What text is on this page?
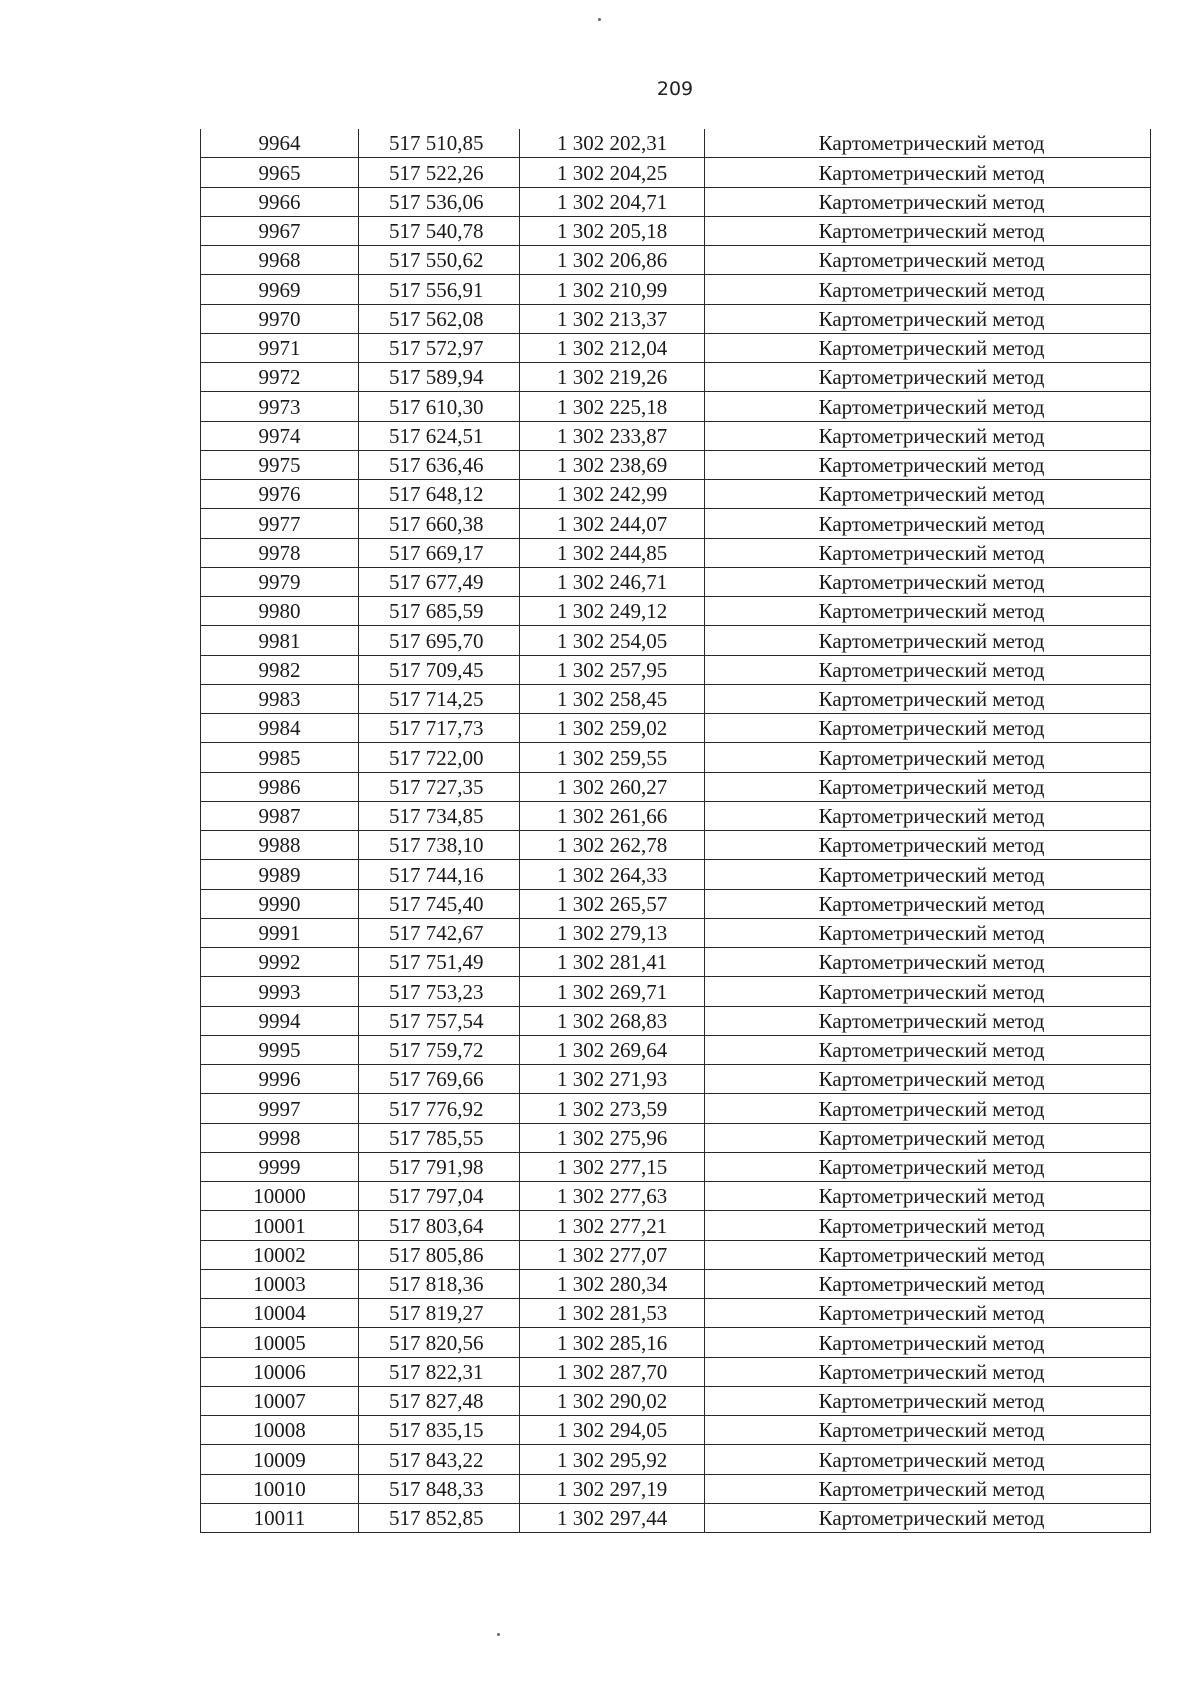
209
9964	517 510,85	1 302 202,31	Картометрический метод
9965	517 522,26	1 302 204,25	Картометрический метод
9966	517 536,06	1 302 204,71	Картометрический метод
9967	517 540,78	1 302 205,18	Картометрический метод
9968	517 550,62	1 302 206,86	Картометрический метод
9969	517 556,91	1 302 210,99	Картометрический метод
9970	517 562,08	1 302 213,37	Картометрический метод
9971	517 572,97	1 302 212,04	Картометрический метод
9972	517 589,94	1 302 219,26	Картометрический метод
9973	517 610,30	1 302 225,18	Картометрический метод
9974	517 624,51	1 302 233,87	Картометрический метод
9975	517 636,46	1 302 238,69	Картометрический метод
9976	517 648,12	1 302 242,99	Картометрический метод
9977	517 660,38	1 302 244,07	Картометрический метод
9978	517 669,17	1 302 244,85	Картометрический метод
9979	517 677,49	1 302 246,71	Картометрический метод
9980	517 685,59	1 302 249,12	Картометрический метод
9981	517 695,70	1 302 254,05	Картометрический метод
9982	517 709,45	1 302 257,95	Картометрический метод
9983	517 714,25	1 302 258,45	Картометрический метод
9984	517 717,73	1 302 259,02	Картометрический метод
9985	517 722,00	1 302 259,55	Картометрический метод
9986	517 727,35	1 302 260,27	Картометрический метод
9987	517 734,85	1 302 261,66	Картометрический метод
9988	517 738,10	1 302 262,78	Картометрический метод
9989	517 744,16	1 302 264,33	Картометрический метод
9990	517 745,40	1 302 265,57	Картометрический метод
9991	517 742,67	1 302 279,13	Картометрический метод
9992	517 751,49	1 302 281,41	Картометрический метод
9993	517 753,23	1 302 269,71	Картометрический метод
9994	517 757,54	1 302 268,83	Картометрический метод
9995	517 759,72	1 302 269,64	Картометрический метод
9996	517 769,66	1 302 271,93	Картометрический метод
9997	517 776,92	1 302 273,59	Картометрический метод
9998	517 785,55	1 302 275,96	Картометрический метод
9999	517 791,98	1 302 277,15	Картометрический метод
10000	517 797,04	1 302 277,63	Картометрический метод
10001	517 803,64	1 302 277,21	Картометрический метод
10002	517 805,86	1 302 277,07	Картометрический метод
10003	517 818,36	1 302 280,34	Картометрический метод
10004	517 819,27	1 302 281,53	Картометрический метод
10005	517 820,56	1 302 285,16	Картометрический метод
10006	517 822,31	1 302 287,70	Картометрический метод
10007	517 827,48	1 302 290,02	Картометрический метод
10008	517 835,15	1 302 294,05	Картометрический метод
10009	517 843,22	1 302 295,92	Картометрический метод
10010	517 848,33	1 302 297,19	Картометрический метод
10011	517 852,85	1 302 297,44	Картометрический метод
